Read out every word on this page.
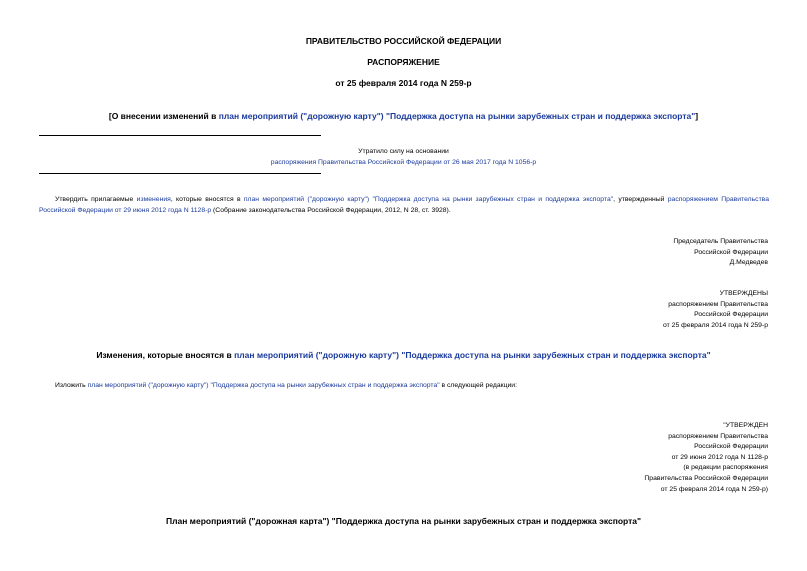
ПРАВИТЕЛЬСТВО РОССИЙСКОЙ ФЕДЕРАЦИИ
РАСПОРЯЖЕНИЕ
от 25 февраля 2014 года N 259-р
[О внесении изменений в план мероприятий ("дорожную карту") "Поддержка доступа на рынки зарубежных стран и поддержка экспорта"]
Утратило силу на основании
распоряжения Правительства Российской Федерации от 26 мая 2017 года N 1056-р
Утвердить прилагаемые изменения, которые вносятся в план мероприятий ("дорожную карту") "Поддержка доступа на рынки зарубежных стран и поддержка экспорта", утвержденный распоряжением Правительства Российской Федерации от 29 июня 2012 года N 1128-р (Собрание законодательства Российской Федерации, 2012, N 28, ст. 3928).
Председатель Правительства
Российской Федерации
Д.Медведев
УТВЕРЖДЕНЫ
распоряжением Правительства
Российской Федерации
от 25 февраля 2014 года N 259-р
Изменения, которые вносятся в план мероприятий ("дорожную карту") "Поддержка доступа на рынки зарубежных стран и поддержка экспорта"
Изложить план мероприятий ("дорожную карту") "Поддержка доступа на рынки зарубежных стран и поддержка экспорта" в следующей редакции:
"УТВЕРЖДЕН
распоряжением Правительства
Российской Федерации
от 29 июня 2012 года N 1128-р
(в редакции распоряжения
Правительства Российской Федерации
от 25 февраля 2014 года N 259-р)
План мероприятий ("дорожная карта") "Поддержка доступа на рынки зарубежных стран и поддержка экспорта"
